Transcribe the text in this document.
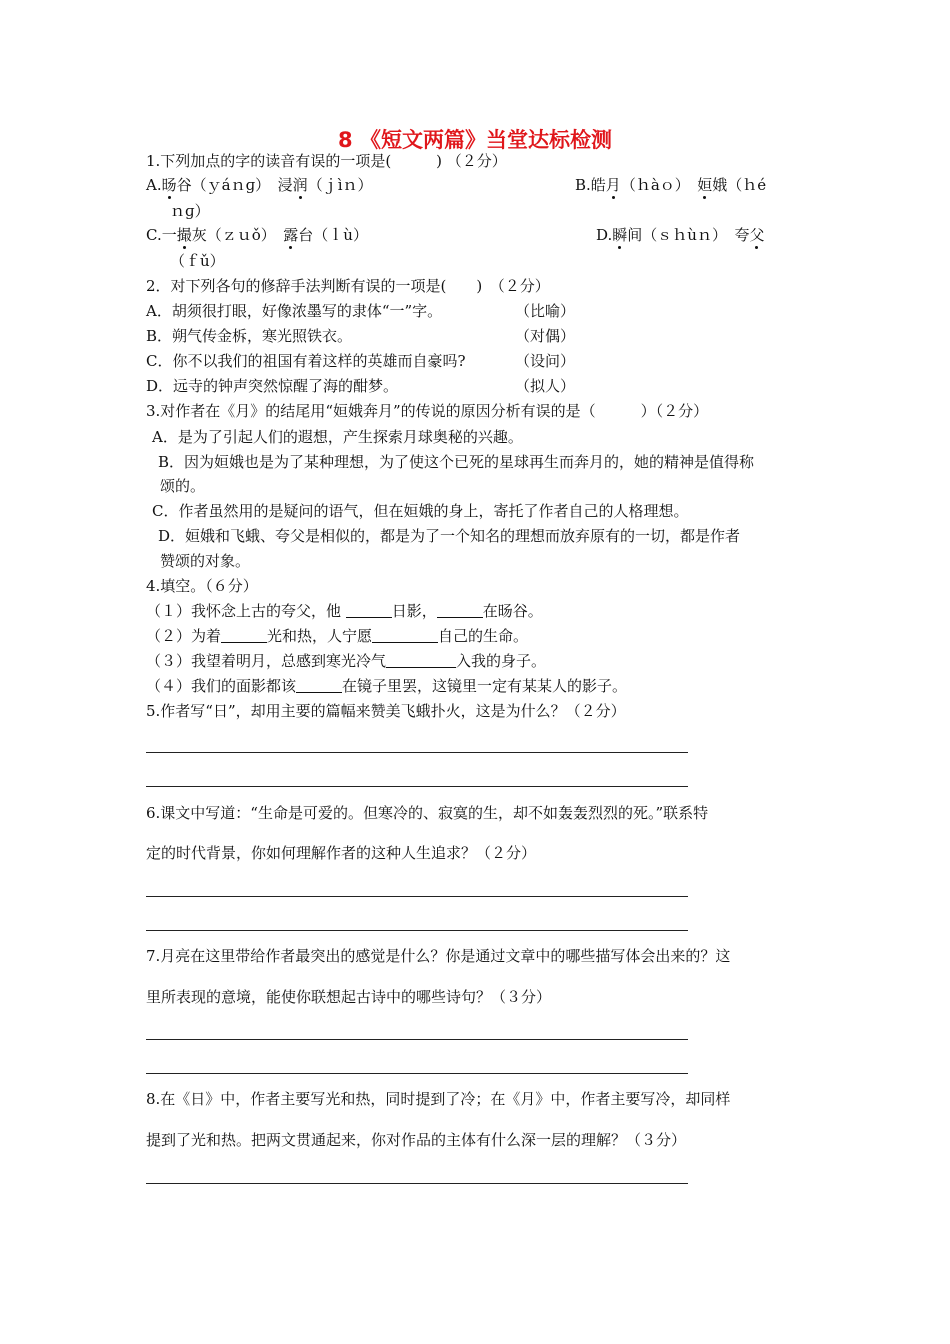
8 《短文两篇》当堂达标检测
1.下列加点的字的读音有误的一项是(　　　) （２分）
A.旸谷（ｙáｎɡ）　浸润（ｊìｎ）	B.皓月（ｈàｏ）　姮娥（ｈé
ｎɡ）
C.一撮灰（ｚｕǒ）　露台（ｌù）	D.瞬间（ｓｈùｎ）　夸父
（ｆǔ）
2．对下列各句的修辞手法判断有误的一项是(　　)　（２分）
A．胡须很打眼，好像浓墨写的隶体“一”字。	（比喻）
B．朔气传金柝，寒光照铁衣。	（对偶）
C．你不以我们的祖国有着这样的英雄而自豪吗?	（设问）
D．远寺的钟声突然惊醒了海的酣梦。	（拟人）
3.对作者在《月》的结尾用“姮娥奔月”的传说的原因分析有误的是（　　　）（２分）
A．是为了引起人们的遐想，产生探索月球奥秘的兴趣。
B．因为姮娥也是为了某种理想，为了使这个已死的星球再生而奔月的，她的精神是值得称
颂的。
C．作者虽然用的是疑问的语气，但在姮娥的身上，寄托了作者自己的人格理想。
D．姮娥和飞蛾、夸父是相似的，都是为了一个知名的理想而放弃原有的一切，都是作者
赞颂的对象。
4.填空。（６分）
（１）我怀念上古的夸父，他	日影，	在旸谷。
（２）为着	光和热，人宁愿	自己的生命。
（３）我望着明月，总感到寒光冷气	入我的身子。
（４）我们的面影都该	在镜子里罢，这镜里一定有某某人的影子。
5.作者写“日”，却用主要的篇幅来赞美飞蛾扑火，这是为什么？（２分）
6.课文中写道：“生命是可爱的。但寒冷的、寂寞的生，却不如轰轰烈烈的死。”联系特
定的时代背景，你如何理解作者的这种人生追求？（２分）
7.月亮在这里带给作者最突出的感觉是什么？你是通过文章中的哪些描写体会出来的？这
里所表现的意境，能使你联想起古诗中的哪些诗句？（３分）
8.在《日》中，作者主要写光和热，同时提到了冷；在《月》中，作者主要写冷，却同样
提到了光和热。把两文贯通起来，你对作品的主体有什么深一层的理解？（３分）
